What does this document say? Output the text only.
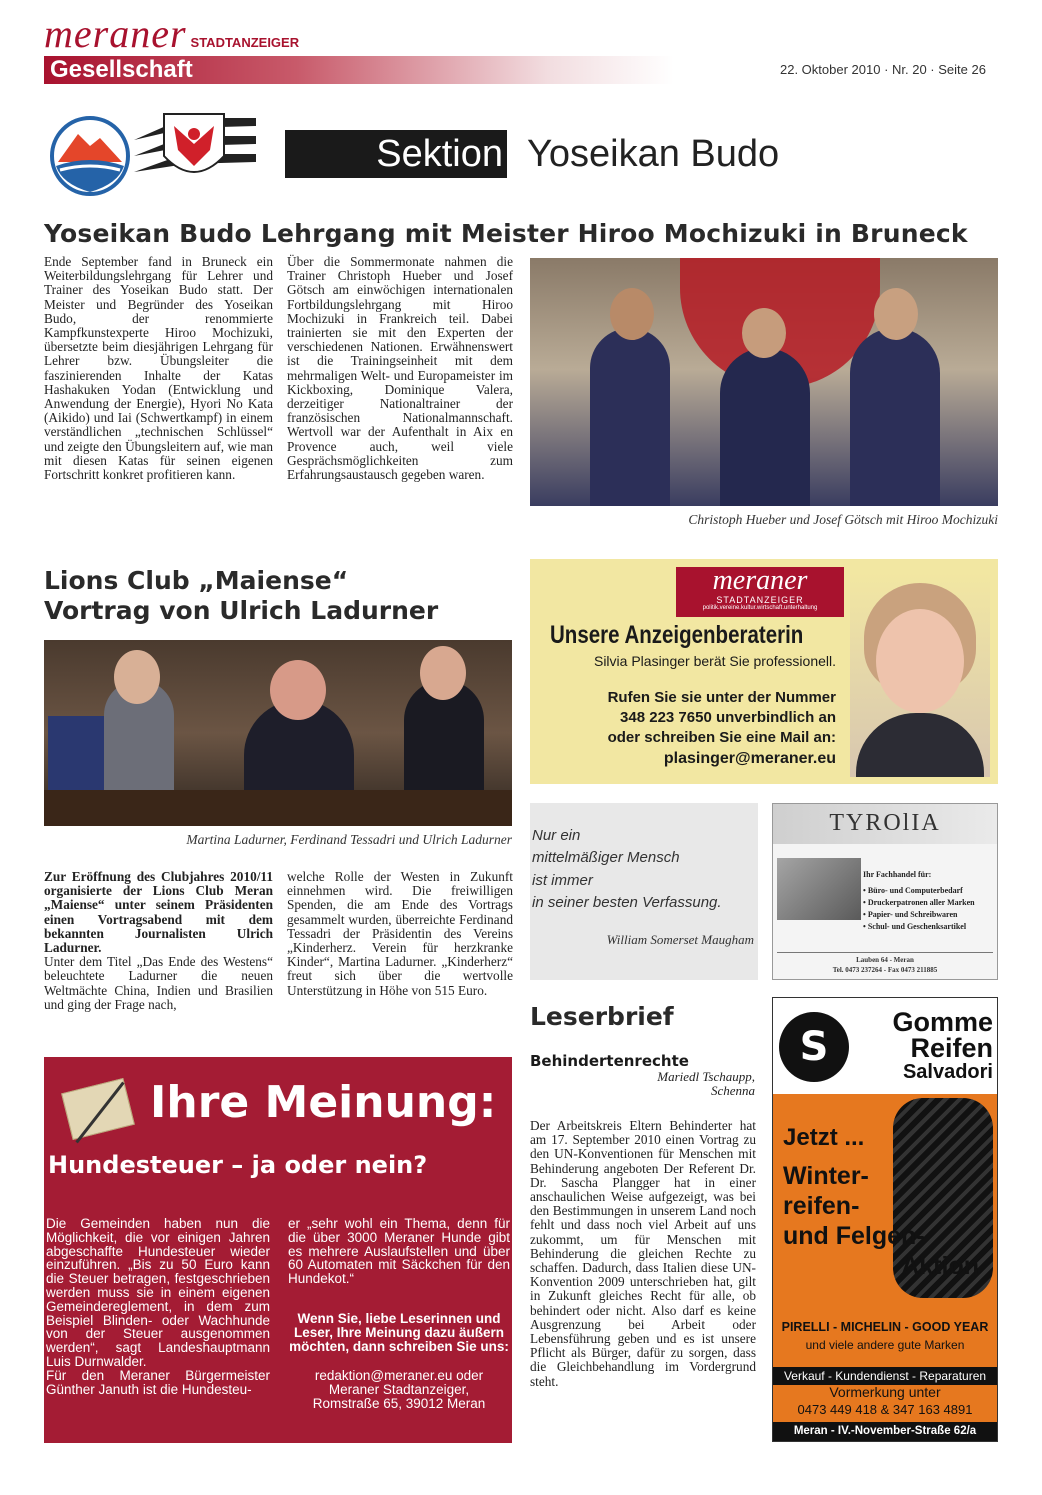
meraner STADTANZEIGER
Gesellschaft	22. Oktober 2010 · Nr. 20 · Seite 26
Sektion Yoseikan Budo
Yoseikan Budo Lehrgang mit Meister Hiroo Mochizuki in Bruneck
Ende September fand in Bruneck ein Weiterbildungslehrgang für Lehrer und Trainer des Yoseikan Budo statt. Der Meister und Begründer des Yoseikan Budo, der renommierte Kampfkunstexperte Hiroo Mochizuki, übersetzte beim diesjährigen Lehrgang für Lehrer bzw. Übungsleiter die faszinierenden Inhalte der Katas Hashakuken Yodan (Entwicklung und Anwendung der Energie), Hyori No Kata (Aikido) und Iai (Schwertkampf) in einem verständlichen „technischen Schlüssel“ und zeigte den Übungsleitern auf, wie man mit diesen Katas für seinen eigenen Fortschritt konkret profitieren kann.
Über die Sommermonate nahmen die Trainer Christoph Hueber und Josef Götsch am einwöchigen internationalen Fortbildungslehrgang mit Hiroo Mochizuki in Frankreich teil. Dabei trainierten sie mit den Experten der verschiedenen Nationen. Erwähnenswert ist die Trainingseinheit mit dem mehrmaligen Welt- und Europameister im Kickboxing, Dominique Valera, derzeitiger Nationaltrainer der französischen Nationalmannschaft. Wertvoll war der Aufenthalt in Aix en Provence auch, weil viele Gesprächsmöglichkeiten zum Erfahrungsaustausch gegeben waren.
Christoph Hueber und Josef Götsch mit Hiroo Mochizuki
Lions Club „Maiense“
Vortrag von Ulrich Ladurner
Martina Ladurner, Ferdinand Tessadri und Ulrich Ladurner
Zur Eröffnung des Clubjahres 2010/11 organisierte der Lions Club Meran „Maiense“ unter seinem Präsidenten einen Vortragsabend mit dem bekannten Journalisten Ulrich Ladurner.
Unter dem Titel „Das Ende des Westens“ beleuchtete Ladurner die neuen Weltmächte China, Indien und Brasilien und ging der Frage nach,
welche Rolle der Westen in Zukunft einnehmen wird. Die freiwilligen Spenden, die am Ende des Vortrags gesammelt wurden, überreichte Ferdinand Tessadri der Präsidentin des Vereins „Kinderherz. Verein für herzkranke Kinder“, Martina Ladurner. „Kinderherz“ freut sich über die wertvolle Unterstützung in Höhe von 515 Euro.
meraner
STADTANZEIGER
politik.vereine.kultur.wirtschaft.unterhaltung
Unsere Anzeigenberaterin
Silvia Plasinger berät Sie professionell.
Rufen Sie sie unter der Nummer
348 223 7650 unverbindlich an
oder schreiben Sie eine Mail an:
plasinger@meraner.eu
Nur ein
mittelmäßiger Mensch
ist immer
in seiner besten Verfassung.
William Somerset Maugham
TYROlIA
Ihr Fachhandel für:
• Büro- und Computerbedarf
• Druckerpatronen aller Marken
• Papier- und Schreibwaren
• Schul- und Geschenksartikel
Lauben 64 - Meran
Tel. 0473 237264 - Fax 0473 211885
Ihre Meinung:
Hundesteuer – ja oder nein?
Die Gemeinden haben nun die Möglichkeit, die vor einigen Jahren abgeschaffte Hundesteuer wieder einzuführen. „Bis zu 50 Euro kann die Steuer betragen, festgeschrieben werden muss sie in einem eigenen Gemeindereglement, in dem zum Beispiel Blinden- oder Wachhunde von der Steuer ausgenommen werden“, sagt Landeshauptmann Luis Durnwalder.
Für den Meraner Bürgermeister Günther Januth ist die Hundesteu-
er „sehr wohl ein Thema, denn für die über 3000 Meraner Hunde gibt es mehrere Auslaufstellen und über 60 Automaten mit Säckchen für den Hundekot.“
Wenn Sie, liebe Leserinnen und Leser, Ihre Meinung dazu äußern möchten, dann schreiben Sie uns:
redaktion@meraner.eu oder
Meraner Stadtanzeiger,
Romstraße 65, 39012 Meran
Leserbrief
Behindertenrechte
Mariedl Tschaupp,
Schenna
Der Arbeitskreis Eltern Behinderter hat am 17. September 2010 einen Vortrag zu den UN-Konventionen für Menschen mit Behinderung angeboten Der Referent Dr. Dr. Sascha Plangger hat in einer anschaulichen Weise aufgezeigt, was bei den Bestimmungen in unserem Land noch fehlt und dass noch viel Arbeit auf uns zukommt, um für Menschen mit Behinderung die gleichen Rechte zu schaffen. Dadurch, dass Italien diese UN-Konvention 2009 unterschrieben hat, gilt in Zukunft gleiches Recht für alle, ob behindert oder nicht. Also darf es keine Ausgrenzung bei Arbeit oder Lebensführung geben und es ist unsere Pflicht als Bürger, dafür zu sorgen, dass die Gleichbehandlung im Vordergrund steht.
S
Gomme
Reifen
Salvadori
Jetzt ...
Winter-
reifen-
und Felgen-
Aktion
PIRELLI - MICHELIN - GOOD YEAR
und viele andere gute Marken
Verkauf - Kundendienst - Reparaturen
Vormerkung unter
0473 449 418 & 347 163 4891
Meran - IV.-November-Straße 62/a
